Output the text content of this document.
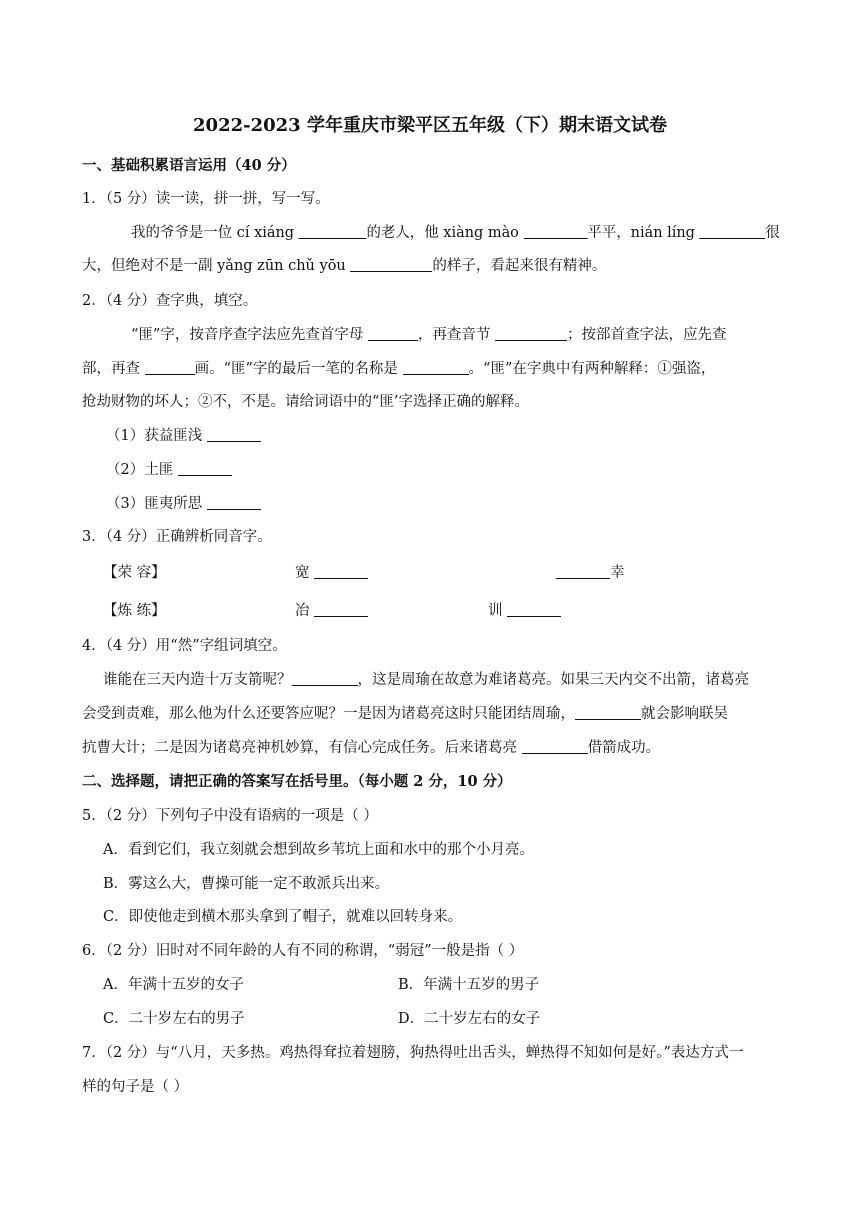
2022-2023 学年重庆市梁平区五年级（下）期末语文试卷
一、基础积累语言运用（40 分）
1．（5 分）读一读，拼一拼，写一写。
我的爷爷是一位 cí xiáng	的老人，他 xiàng mào	平平，nián líng	很
大，但绝对不是一副 yǎng zūn chǔ yōu	的样子，看起来很有精神。
2．（4 分）查字典，填空。
“匪”字，按音序查字法应先查首字母	，再查音节	；按部首查字法，应先查
部，再查	画。“匪”字的最后一笔的名称是	。“匪”在字典中有两种解释：①强盗，
抢劫财物的坏人；②不，不是。请给词语中的“匪’字选择正确的解释。
（1）获益匪浅
（2）土匪
（3）匪夷所思
3．（4 分）正确辨析同音字。
【荣 容】	宽	幸
【炼 练】	冶	训
4．（4 分）用“然”字组词填空。
谁能在三天内造十万支箭呢？	，这是周瑜在故意为难诸葛亮。如果三天内交不出箭，诸葛亮
会受到责难，那么他为什么还要答应呢？一是因为诸葛亮这时只能团结周瑜，	就会影响联吴
抗曹大计；二是因为诸葛亮神机妙算，有信心完成任务。后来诸葛亮	借箭成功。
二、选择题，请把正确的答案写在括号里。（每小题 2 分，10 分）
5．（2 分）下列句子中没有语病的一项是（ ）
A．看到它们，我立刻就会想到故乡苇坑上面和水中的那个小月亮。
B．雾这么大，曹操可能一定不敢派兵出来。
C．即使他走到横木那头拿到了帽子，就难以回转身来。
6．（2 分）旧时对不同年龄的人有不同的称谓，“弱冠”一般是指（ ）
A．年满十五岁的女子	B．年满十五岁的男子
C．二十岁左右的男子	D．二十岁左右的女子
7．（2 分）与“八月，天多热。鸡热得耷拉着翅膀，狗热得吐出舌头，蝉热得不知如何是好。”表达方式一
样的句子是（ ）
